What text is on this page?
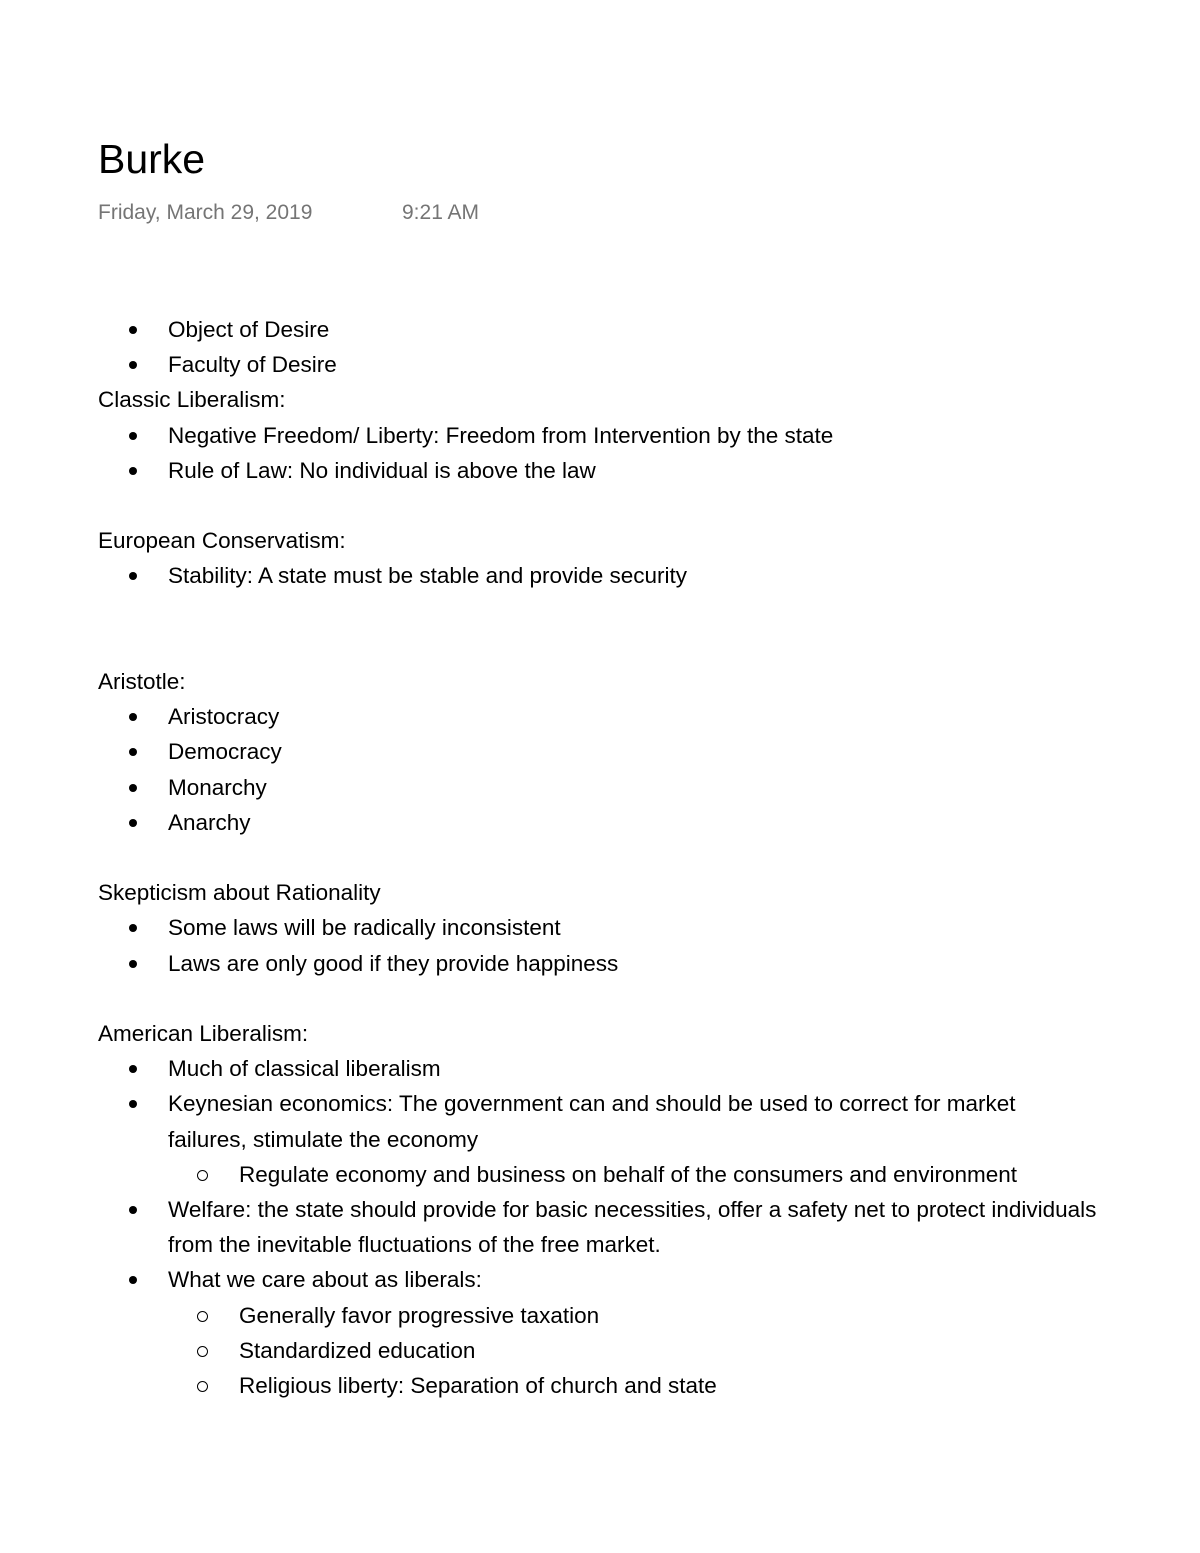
Burke
Friday, March 29, 2019	9:21 AM
Object of Desire
Faculty of Desire
Classic Liberalism:
Negative Freedom/ Liberty: Freedom from Intervention by the state
Rule of Law: No individual is above the law
European Conservatism:
Stability: A state must be stable and provide security
Aristotle:
Aristocracy
Democracy
Monarchy
Anarchy
Skepticism about Rationality
Some laws will be radically inconsistent
Laws are only good if they provide happiness
American Liberalism:
Much of classical liberalism
Keynesian economics: The government can and should be used to correct for market failures, stimulate the economy
Regulate economy and business on behalf of the consumers and environment
Welfare: the state should provide for basic necessities, offer a safety net to protect individuals from the inevitable fluctuations of the free market.
What we care about as liberals:
Generally favor progressive taxation
Standardized education
Religious liberty: Separation of church and state
